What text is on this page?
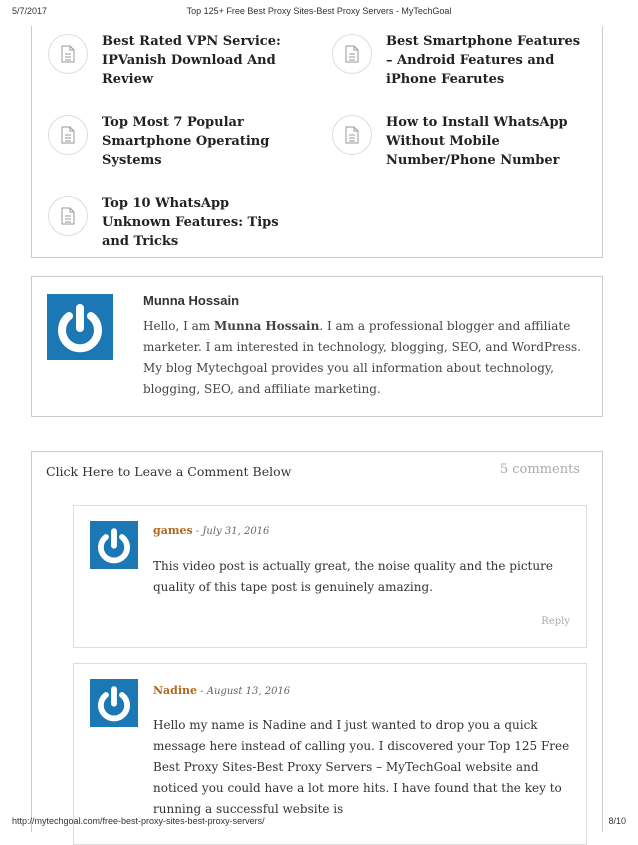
5/7/2017	Top 125+ Free Best Proxy Sites-Best Proxy Servers - MyTechGoal
Best Rated VPN Service: IPVanish Download And Review
Best Smartphone Features – Android Features and iPhone Fearutes
Top Most 7 Popular Smartphone Operating Systems
How to Install WhatsApp Without Mobile Number/Phone Number
Top 10 WhatsApp Unknown Features: Tips and Tricks
Munna Hossain
Hello, I am Munna Hossain. I am a professional blogger and affiliate marketer. I am interested in technology, blogging, SEO, and WordPress. My blog Mytechgoal provides you all information about technology, blogging, SEO, and affiliate marketing.
Click Here to Leave a Comment Below	5 comments
games - July 31, 2016
This video post is actually great, the noise quality and the picture quality of this tape post is genuinely amazing.
Reply
Nadine - August 13, 2016
Hello my name is Nadine and I just wanted to drop you a quick message here instead of calling you. I discovered your Top 125 Free Best Proxy Sites-Best Proxy Servers – MyTechGoal website and noticed you could have a lot more hits. I have found that the key to running a successful website is
http://mytechgoal.com/free-best-proxy-sites-best-proxy-servers/	8/10
